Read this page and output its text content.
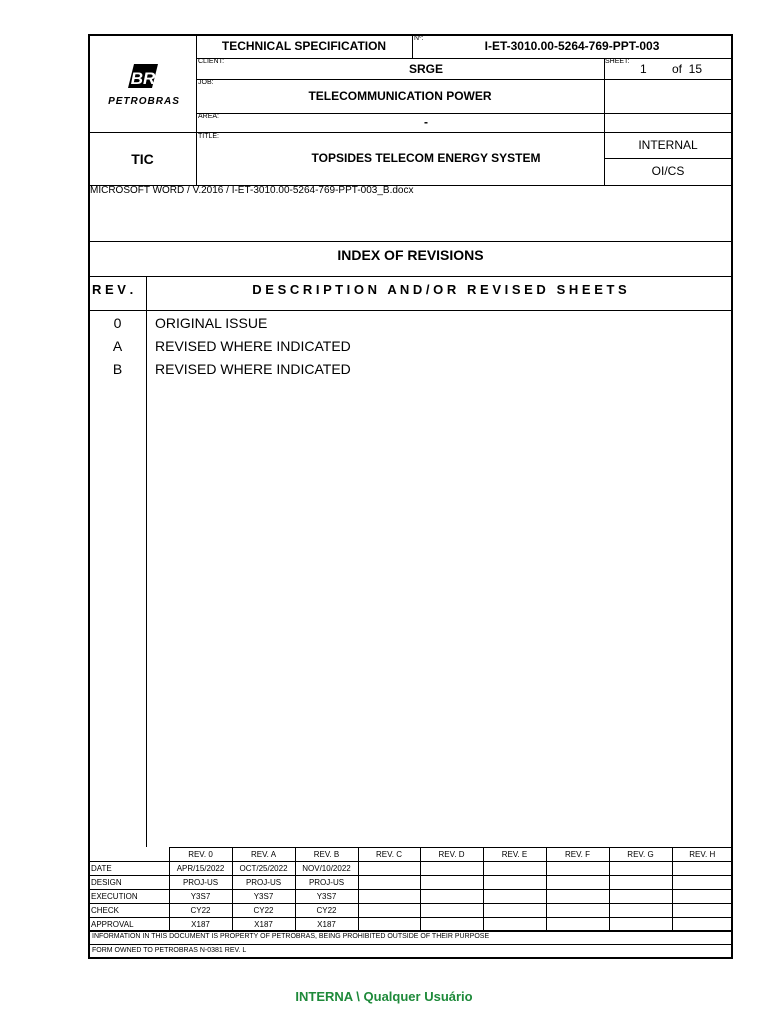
BR
PETROBRAS
TECHNICAL SPECIFICATION
Nº:
I-ET-3010.00-5264-769-PPT-003
CLIENT:
SRGE
SHEET:
1 of  15
JOB:
TELECOMMUNICATION POWER
AREA:	-
TITLE:
TOPSIDES TELECOM ENERGY SYSTEM
TIC
INTERNAL
OI/CS
MICROSOFT WORD / V.2016 / I-ET-3010.00-5264-769-PPT-003_B.docx
INDEX OF REVISIONS
R E V .	D E S C R I P T I O N   A N D / O R   R E V I S E D   S H E E T S
0	ORIGINAL ISSUE
A	REVISED WHERE INDICATED
B	REVISED WHERE INDICATED
	REV. 0	REV. A	REV. B	REV. C	REV. D	REV. E	REV. F	REV. G	REV. H
DATE	APR/15/2022	OCT/25/2022	NOV/10/2022						
DESIGN	PROJ-US	PROJ-US	PROJ-US						
EXECUTION	Y3S7	Y3S7	Y3S7						
CHECK	CY22	CY22	CY22						
APPROVAL	X187	X187	X187						
INFORMATION IN THIS DOCUMENT IS PROPERTY OF PETROBRAS, BEING PROHIBITED OUTSIDE OF THEIR PURPOSE
FORM OWNED TO PETROBRAS N-0381 REV. L
INTERNA \ Qualquer Usuário
